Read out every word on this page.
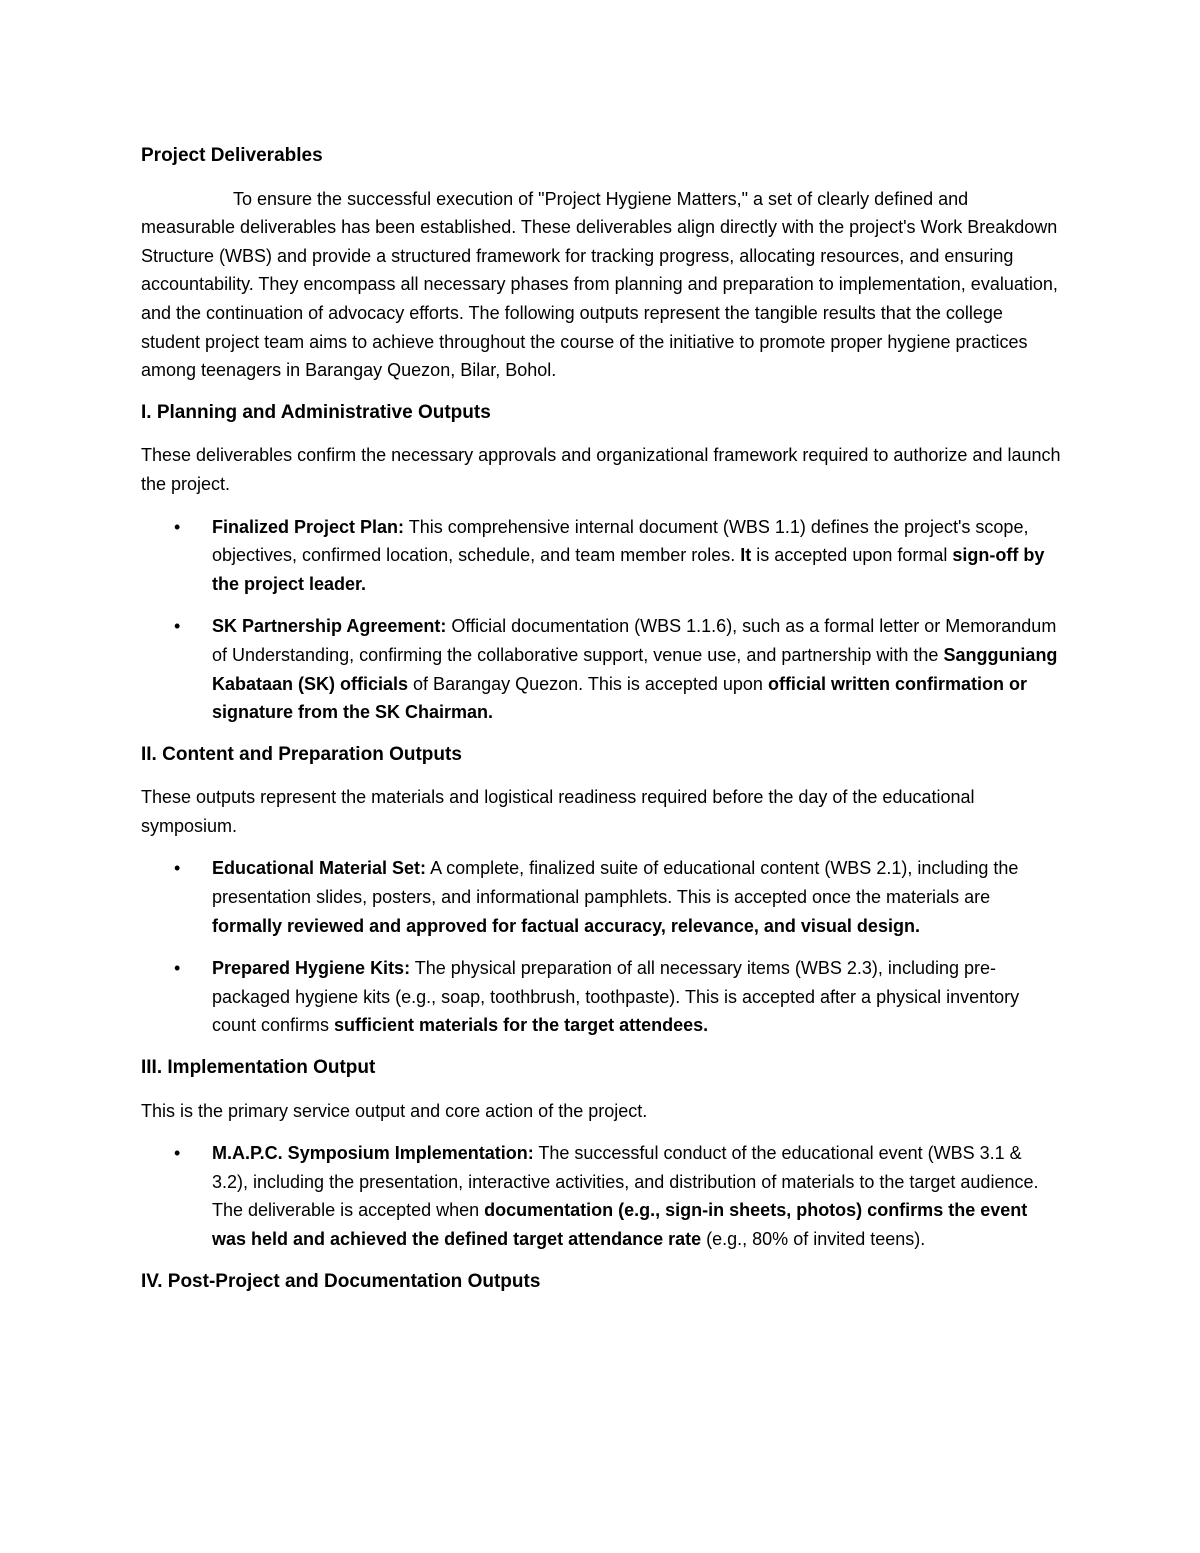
Project Deliverables

To ensure the successful execution of "Project Hygiene Matters," a set of clearly defined and measurable deliverables has been established. These deliverables align directly with the project's Work Breakdown Structure (WBS) and provide a structured framework for tracking progress, allocating resources, and ensuring accountability. They encompass all necessary phases from planning and preparation to implementation, evaluation, and the continuation of advocacy efforts. The following outputs represent the tangible results that the college student project team aims to achieve throughout the course of the initiative to promote proper hygiene practices among teenagers in Barangay Quezon, Bilar, Bohol.

I. Planning and Administrative Outputs

These deliverables confirm the necessary approvals and organizational framework required to authorize and launch the project.

• Finalized Project Plan: This comprehensive internal document (WBS 1.1) defines the project's scope, objectives, confirmed location, schedule, and team member roles. It is accepted upon formal sign-off by the project leader.
• SK Partnership Agreement: Official documentation (WBS 1.1.6), such as a formal letter or Memorandum of Understanding, confirming the collaborative support, venue use, and partnership with the Sangguniang Kabataan (SK) officials of Barangay Quezon. This is accepted upon official written confirmation or signature from the SK Chairman.
II. Content and Preparation Outputs

These outputs represent the materials and logistical readiness required before the day of the educational symposium.

• Educational Material Set: A complete, finalized suite of educational content (WBS 2.1), including the presentation slides, posters, and informational pamphlets. This is accepted once the materials are formally reviewed and approved for factual accuracy, relevance, and visual design.
• Prepared Hygiene Kits: The physical preparation of all necessary items (WBS 2.3), including pre-packaged hygiene kits (e.g., soap, toothbrush, toothpaste). This is accepted after a physical inventory count confirms sufficient materials for the target attendees.
III. Implementation Output

This is the primary service output and core action of the project.

• M.A.P.C. Symposium Implementation: The successful conduct of the educational event (WBS 3.1 & 3.2), including the presentation, interactive activities, and distribution of materials to the target audience. The deliverable is accepted when documentation (e.g., sign-in sheets, photos) confirms the event was held and achieved the defined target attendance rate (e.g., 80% of invited teens).
IV. Post-Project and Documentation Outputs
